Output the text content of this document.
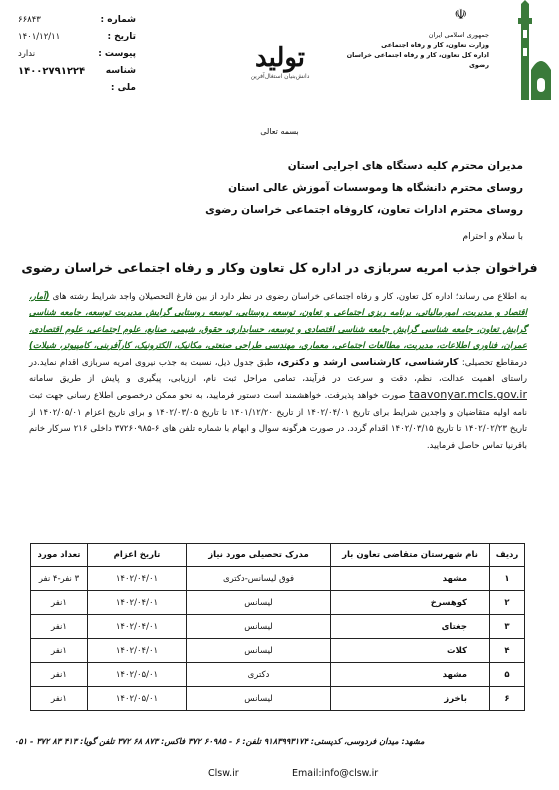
شماره :
۶۶۸۴۳
تاریخ :
۱۴۰۱/۱۲/۱۱
پیوست :
ندارد
شناسه ملی :
۱۴۰۰۲۷۹۱۲۲۴	تولید
دانش‌بنیان استغال‌آفرین
☫
جمهوری اسلامی ایران
وزارت تعاون، کار و رفاه اجتماعی
اداره کل تعاون، کار و رفاه اجتماعی خراسان رضوی
بسمه تعالی
مدیران محترم کلیه دستگاه های اجرایی استان
روسای محترم دانشگاه ها وموسسات آموزش عالی استان
روسای محترم ادارات تعاون، کاروفاه اجتماعی خراسان رضوی
با سلام و احترام
فراخوان جذب امریه سربازی در اداره کل تعاون وکار و رفاه اجتماعی خراسان رضوی
به اطلاع می رساند؛ اداره کل تعاون، کار و رفاه اجتماعی خراسان رضوی در نظر دارد از بین فارغ التحصیلان واجد شرایط رشته های (آمار، اقتصاد و مدیریت، امورمالیاتی، برنامه ریزی اجتماعی و تعاون، توسعه روستایی، توسعه روستایی گرایش مدیریت توسعه، جامعه شناسی گرایش تعاون، جامعه شناسی گرایش جامعه شناسی اقتصادی و توسعه، حسابداری، حقوق، شیمی، صنایع، علوم اجتماعی، علوم اقتصادی، عمران، فناوری اطلاعات، مدیریت، مطالعات اجتماعی، معماری، مهندسی طراحی صنعتی، مکانیک، الکترونیک، کارآفرینی، کامپیوتر، شیلات) درمقاطع تحصیلی: کارشناسی، کارشناسی ارشد و دکتری، طبق جدول ذیل، نسبت به جذب نیروی امریه سربازی اقدام نماید.در راستای اهمیت عدالت، نظم، دقت و سرعت در فرآیند، تمامی مراحل ثبت نام، ارزیابی، پیگیری و پایش از طریق سامانه taavonyar.mcls.gov.ir صورت خواهد پذیرفت. خواهشمند است دستور فرمایید، به نحو ممکن درخصوص اطلاع رسانی جهت ثبت نامه اولیه متقاضیان و واجدین شرایط برای تاریخ ۱۴۰۲/۰۴/۰۱ از تاریخ ۱۴۰۱/۱۲/۲۰ تا تاریخ ۱۴۰۲/۰۳/۰۵ و برای تاریخ اعزام ۱۴۰۲/۰۵/۰۱ از تاریخ ۱۴۰۲/۰۲/۲۳ تا تاریخ ۱۴۰۲/۰۳/۱۵ اقدام گردد. در صورت هرگونه سوال و ابهام با شماره تلفن های ۶-۳۷۲۶۰۹۸۵ داخلی ۲۱۶ سرکار خانم باقرنیا تماس حاصل فرمایید.
ردیف	نام شهرستان متقاضی تعاون بار	مدرک تحصیلی مورد نیاز	تاریخ اعزام	تعداد مورد
۱	مشهد	فوق لیسانس-دکتری	۱۴۰۲/۰۴/۰۱	۳ نفر-۴ نفر
۲	کوهسرخ	لیسانس	۱۴۰۲/۰۴/۰۱	۱نفر
۳	جغتای	لیسانس	۱۴۰۲/۰۴/۰۱	۱نفر
۴	کلات	لیسانس	۱۴۰۲/۰۴/۰۱	۱نفر
۵	مشهد	دکتری	۱۴۰۲/۰۵/۰۱	۱نفر
۶	باخرز	لیسانس	۱۴۰۲/۰۵/۰۱	۱نفر
مشهد: میدان فردوسی، کدپستی: ۹۱۸۳۹۹۳۱۷۴ تلفن: ۶ - ۶۰۹۸۵ ۳۷۲ فاکس: ۸۷۳ ۶۸ ۳۷۲ تلفن گویا: ۴۱۳ ۸۳ ۳۷۲ - ۰۵۱
Clsw.ir	Email:info@clsw.ir
